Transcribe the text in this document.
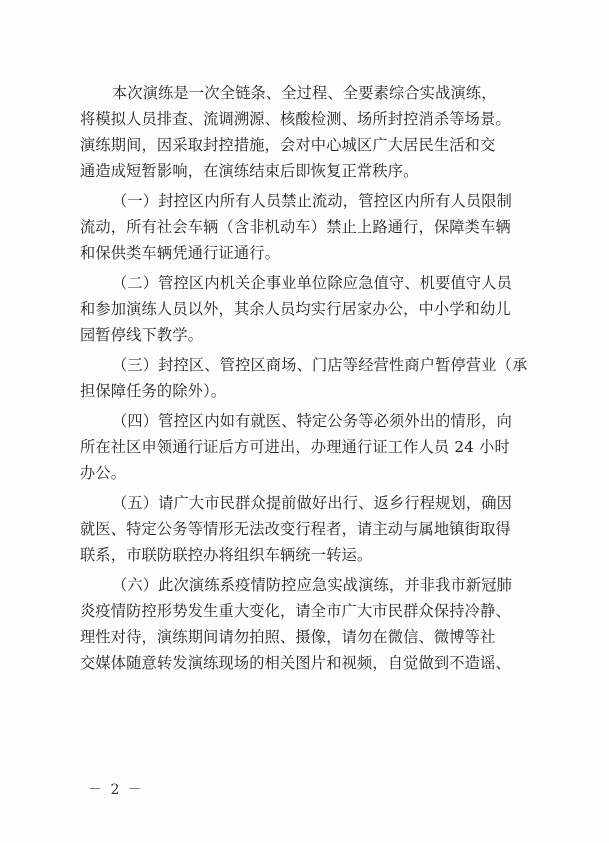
本次演练是一次全链条、全过程、全要素综合实战演练，
将模拟人员排查、流调溯源、核酸检测、场所封控消杀等场景。
演练期间，因采取封控措施，会对中心城区广大居民生活和交
通造成短暂影响，在演练结束后即恢复正常秩序。
（一）封控区内所有人员禁止流动，管控区内所有人员限制
流动，所有社会车辆（含非机动车）禁止上路通行，保障类车辆
和保供类车辆凭通行证通行。
（二）管控区内机关企事业单位除应急值守、机要值守人员
和参加演练人员以外，其余人员均实行居家办公，中小学和幼儿
园暂停线下教学。
（三）封控区、管控区商场、门店等经营性商户暂停营业（承
担保障任务的除外）。
（四）管控区内如有就医、特定公务等必须外出的情形，向
所在社区申领通行证后方可进出，办理通行证工作人员 24 小时
办公。
（五）请广大市民群众提前做好出行、返乡行程规划，确因
就医、特定公务等情形无法改变行程者，请主动与属地镇街取得
联系，市联防联控办将组织车辆统一转运。
（六）此次演练系疫情防控应急实战演练，并非我市新冠肺
炎疫情防控形势发生重大变化，请全市广大市民群众保持冷静、
理性对待，演练期间请勿拍照、摄像，请勿在微信、微博等社
交媒体随意转发演练现场的相关图片和视频，自觉做到不造谣、
－ 2 －
